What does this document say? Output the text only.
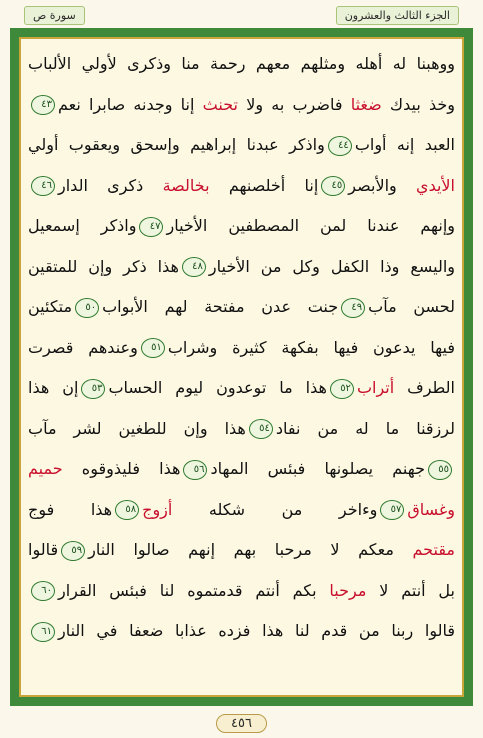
الجزء الثالث والعشرون
سورة ص
ووهبنا له أهله ومثلهم معهم رحمة منا وذكرى لأولي الألباب
وخذ بيدك ضغثا فاضرب به ولا تحنث إنا وجدنه صابرا نعم٤٣
العبد إنه أواب٤٤واذكر عبدنا إبراهيم وإسحق ويعقوب أولي
الأيدي والأبصر٤٥إنا أخلصنهم بخالصة ذكرى الدار٤٦
وإنهم عندنا لمن المصطفين الأخيار٤٧واذكر إسمعيل
واليسع وذا الكفل وكل من الأخيار٤٨هذا ذكر وإن للمتقين
لحسن مآب٤٩جنت عدن مفتحة لهم الأبواب٥٠متكئين
فيها يدعون فيها بفكهة كثيرة وشراب٥١وعندهم قصرت
الطرف أتراب٥٢هذا ما توعدون ليوم الحساب٥٣إن هذا
لرزقنا ما له من نفاد٥٤هذا وإن للطغين لشر مآب
٥٥جهنم يصلونها فبئس المهاد٥٦هذا فليذوقوه حميم
وغساق٥٧وءاخر من شكله أزوج٥٨هذا فوج
مقتحم معكم لا مرحبا بهم إنهم صالوا النار٥٩قالوا
بل أنتم لا مرحبا بكم أنتم قدمتموه لنا فبئس القرار٦٠
قالوا ربنا من قدم لنا هذا فزده عذابا ضعفا في النار٦١
٤٥٦
